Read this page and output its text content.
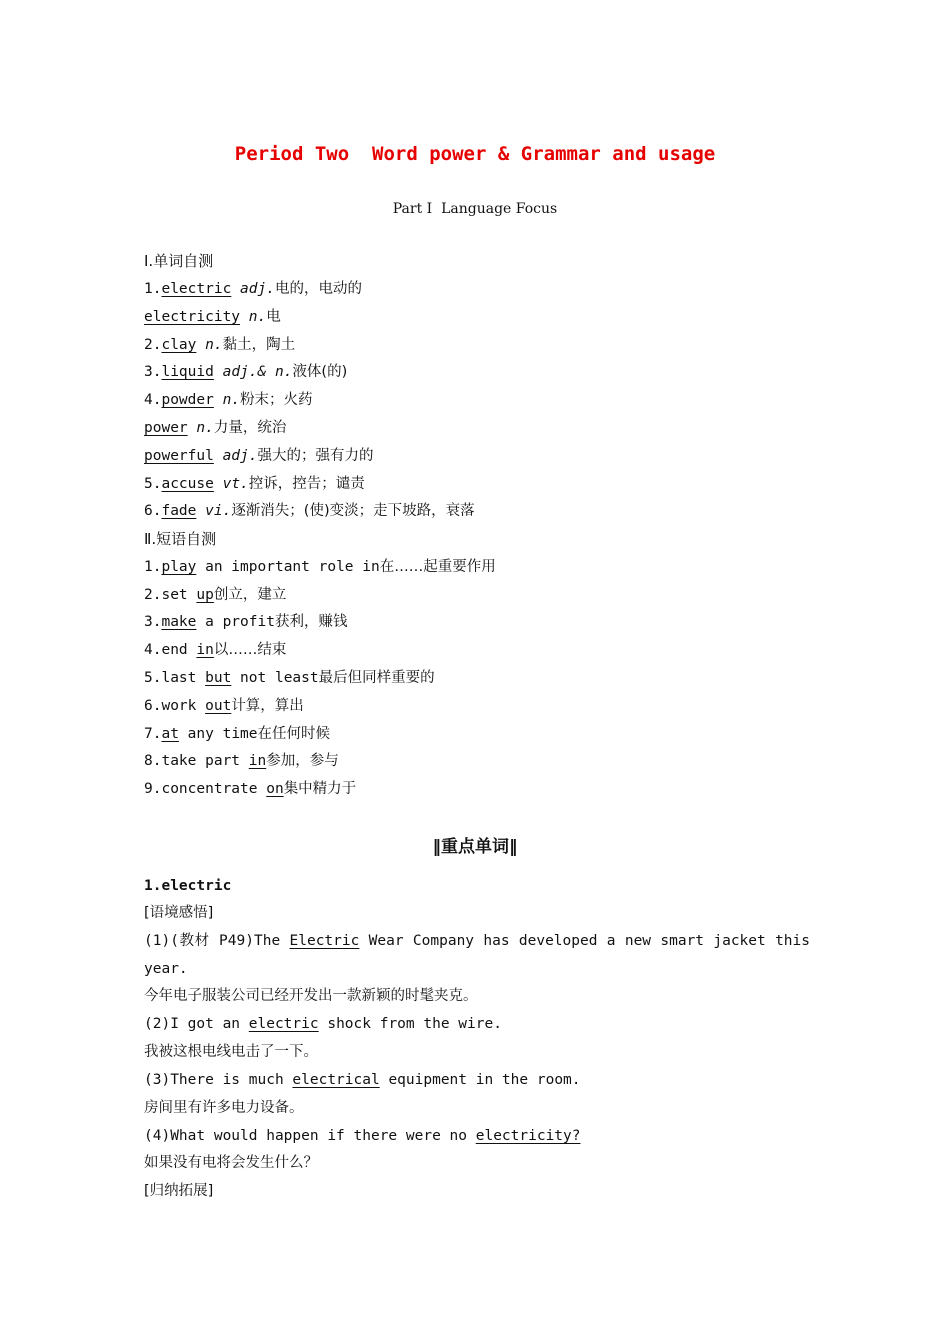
Period Two  Word power & Grammar and usage
Part Ⅰ  Language Focus
Ⅰ.单词自测
1.electric adj.电的，电动的
electricity n.电
2.clay n.黏土，陶土
3.liquid adj.& n.液体(的)
4.powder n.粉末；火药
power n.力量，统治
powerful adj.强大的；强有力的
5.accuse vt.控诉，控告；谴责
6.fade vi.逐渐消失；(使)变淡；走下坡路，衰落
Ⅱ.短语自测
1.play an important role in在……起重要作用
2.set up创立，建立
3.make a profit获利，赚钱
4.end in以……结束
5.last but not least最后但同样重要的
6.work out计算，算出
7.at any time在任何时候
8.take part in参加，参与
9.concentrate on集中精力于
‖重点单词‖
1.electric
[语境感悟]
(1)(教材 P49)The Electric Wear Company has developed a new smart jacket this year.
今年电子服装公司已经开发出一款新颖的时髦夹克。
(2)I got an electric shock from the wire.
我被这根电线电击了一下。
(3)There is much electrical equipment in the room.
房间里有许多电力设备。
(4)What would happen if there were no electricity?
如果没有电将会发生什么？
[归纳拓展]
